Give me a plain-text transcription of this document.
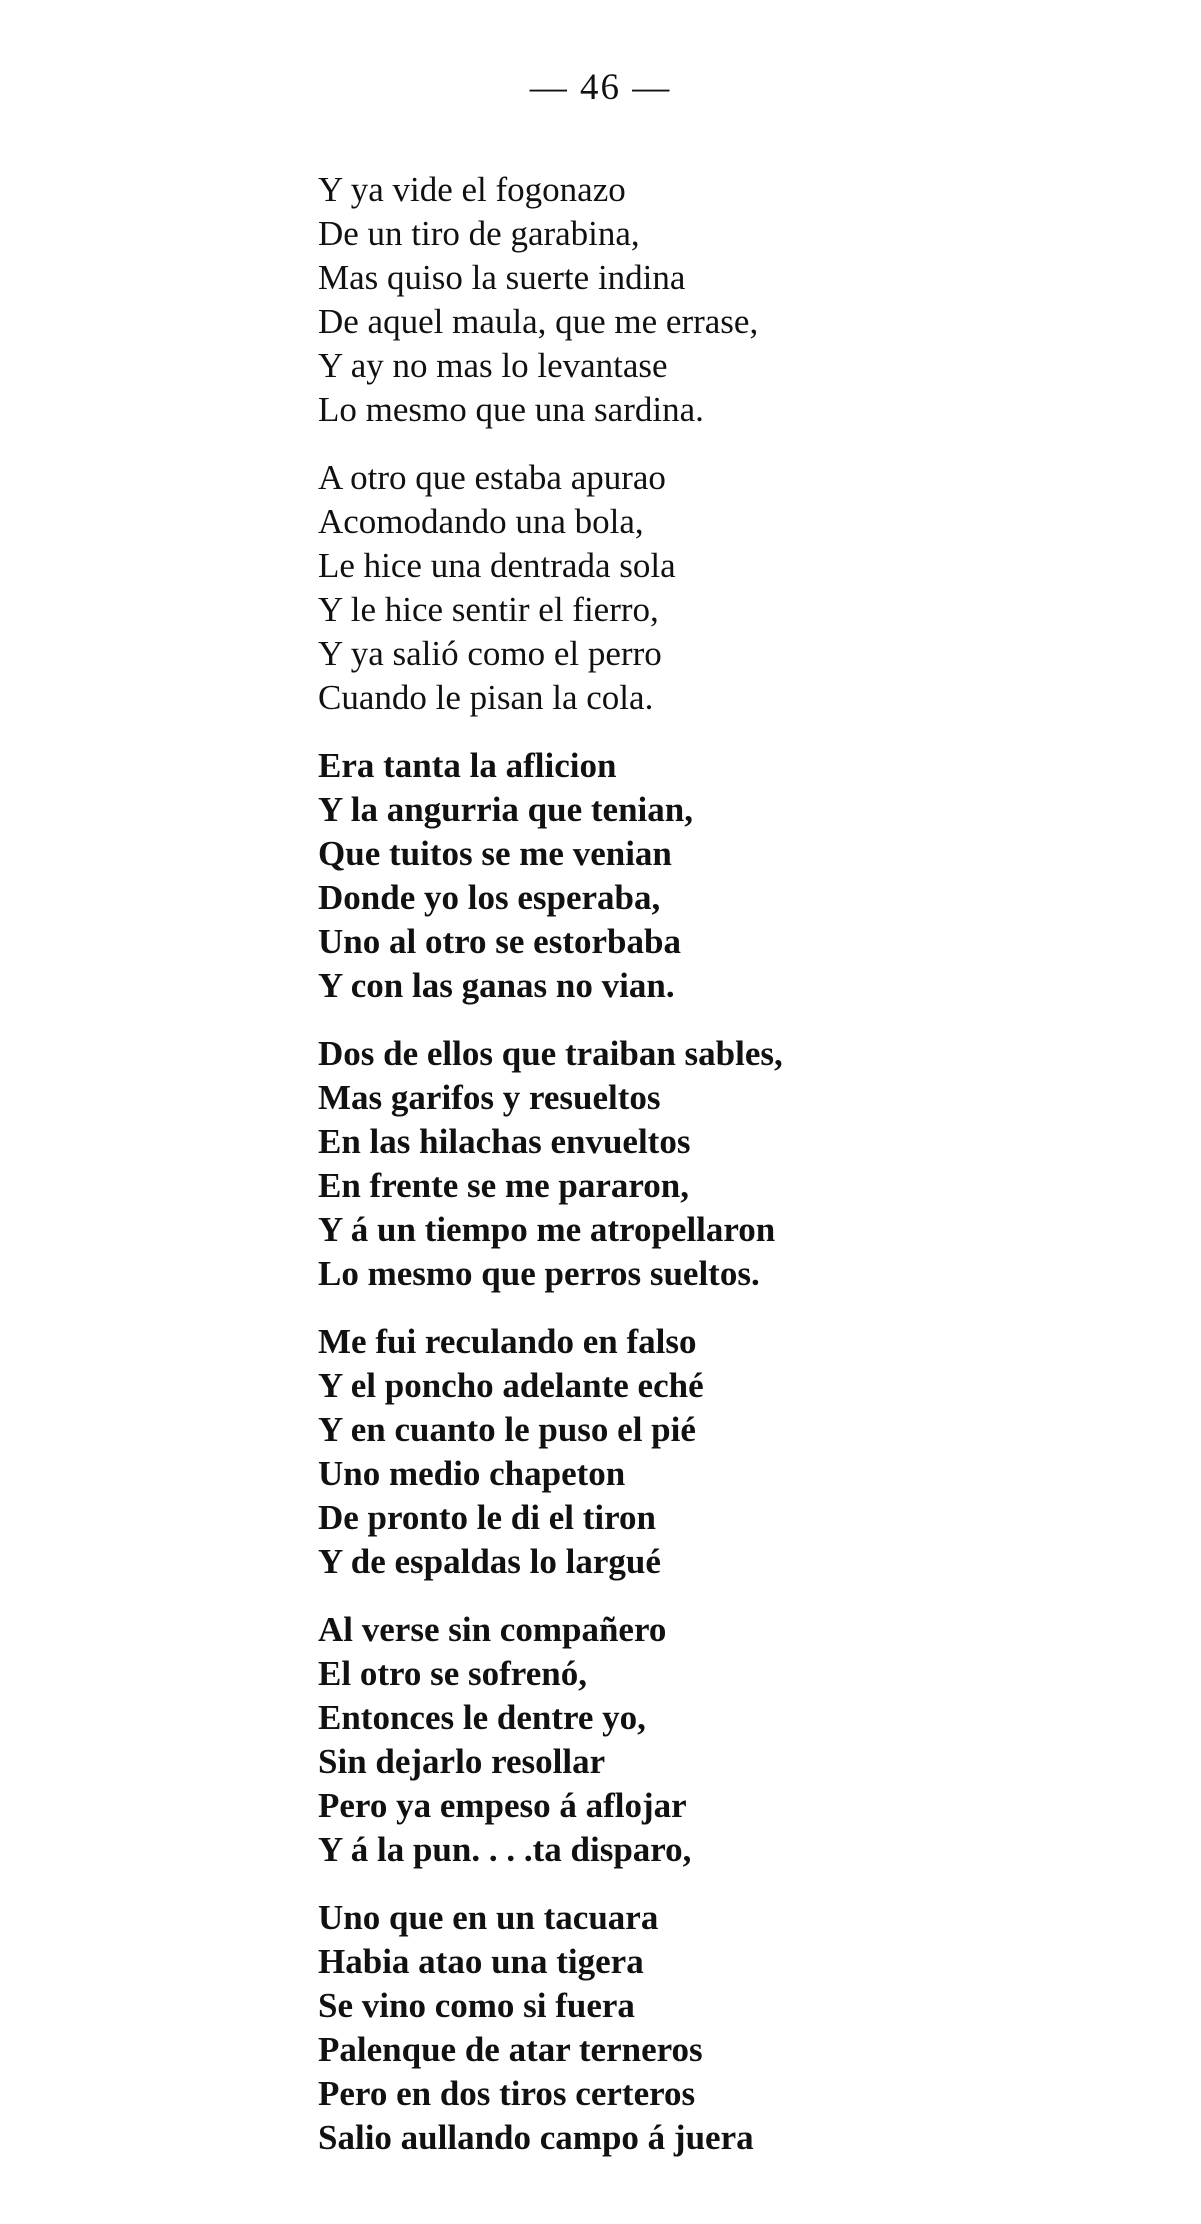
— 46 —
Y ya vide el fogonazo
De un tiro de garabina,
Mas quiso la suerte indina
De aquel maula, que me errase,
Y ay no mas lo levantase
Lo mesmo que una sardina.
A otro que estaba apurao
Acomodando una bola,
Le hice una dentrada sola
Y le hice sentir el fierro,
Y ya salió como el perro
Cuando le pisan la cola.
Era tanta la aflicion
Y la angurria que tenian,
Que tuitos se me venian
Donde yo los esperaba,
Uno al otro se estorbaba
Y con las ganas no vian.
Dos de ellos que traiban sables,
Mas garifos y resueltos
En las hilachas envueltos
En frente se me pararon,
Y á un tiempo me atropellaron
Lo mesmo que perros sueltos.
Me fui reculando en falso
Y el poncho adelante eché
Y en cuanto le puso el pié
Uno medio chapeton
De pronto le di el tiron
Y de espaldas lo largué
Al verse sin compañero
El otro se sofrenó,
Entonces le dentre yo,
Sin dejarlo resollar
Pero ya empeso á aflojar
Y á la pun. . . .ta disparo,
Uno que en un tacuara
Habia atao una tigera
Se vino como si fuera
Palenque de atar terneros
Pero en dos tiros certeros
Salio aullando campo á juera
